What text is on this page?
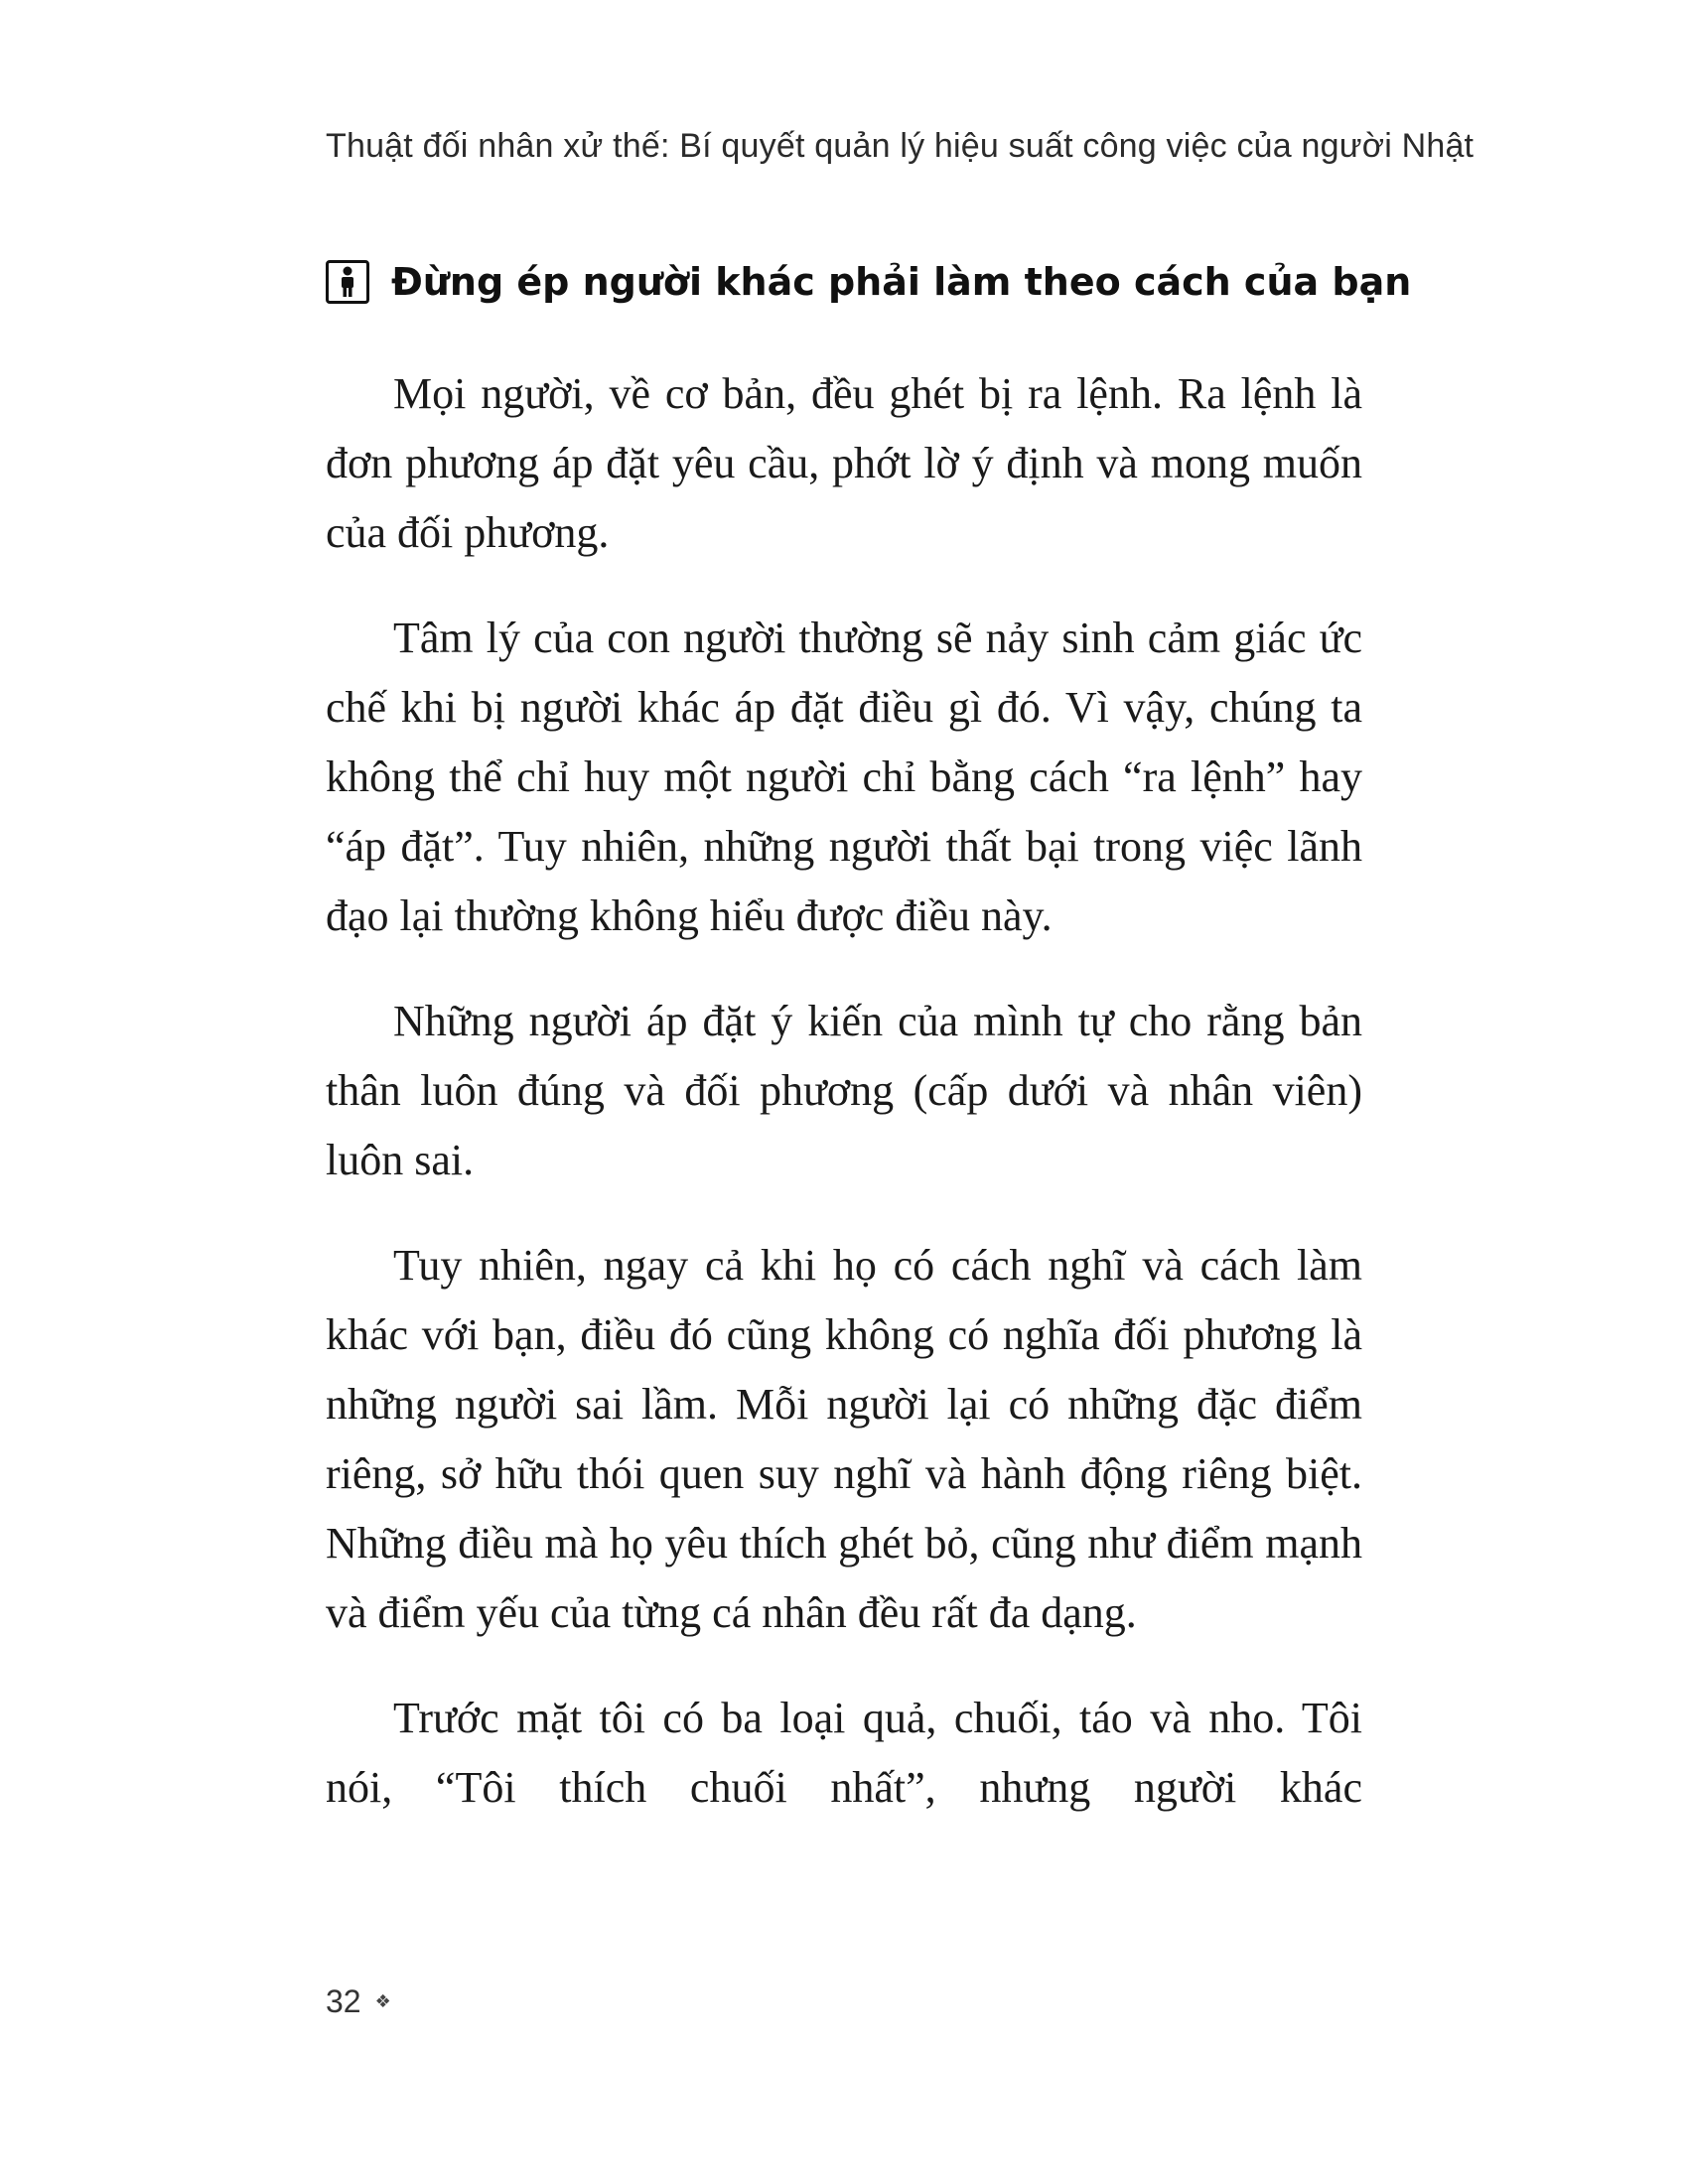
Thuật đối nhân xử thế: Bí quyết quản lý hiệu suất công việc của người Nhật
Đừng ép người khác phải làm theo cách của bạn

Mọi người, về cơ bản, đều ghét bị ra lệnh. Ra lệnh là đơn phương áp đặt yêu cầu, phớt lờ ý định và mong muốn của đối phương.

Tâm lý của con người thường sẽ nảy sinh cảm giác ức chế khi bị người khác áp đặt điều gì đó. Vì vậy, chúng ta không thể chỉ huy một người chỉ bằng cách “ra lệnh” hay “áp đặt”. Tuy nhiên, những người thất bại trong việc lãnh đạo lại thường không hiểu được điều này.

Những người áp đặt ý kiến của mình tự cho rằng bản thân luôn đúng và đối phương (cấp dưới và nhân viên) luôn sai.

Tuy nhiên, ngay cả khi họ có cách nghĩ và cách làm khác với bạn, điều đó cũng không có nghĩa đối phương là những người sai lầm. Mỗi người lại có những đặc điểm riêng, sở hữu thói quen suy nghĩ và hành động riêng biệt. Những điều mà họ yêu thích ghét bỏ, cũng như điểm mạnh và điểm yếu của từng cá nhân đều rất đa dạng.

Trước mặt tôi có ba loại quả, chuối, táo và nho. Tôi nói, “Tôi thích chuối nhất”, nhưng người khác

32 ❖
